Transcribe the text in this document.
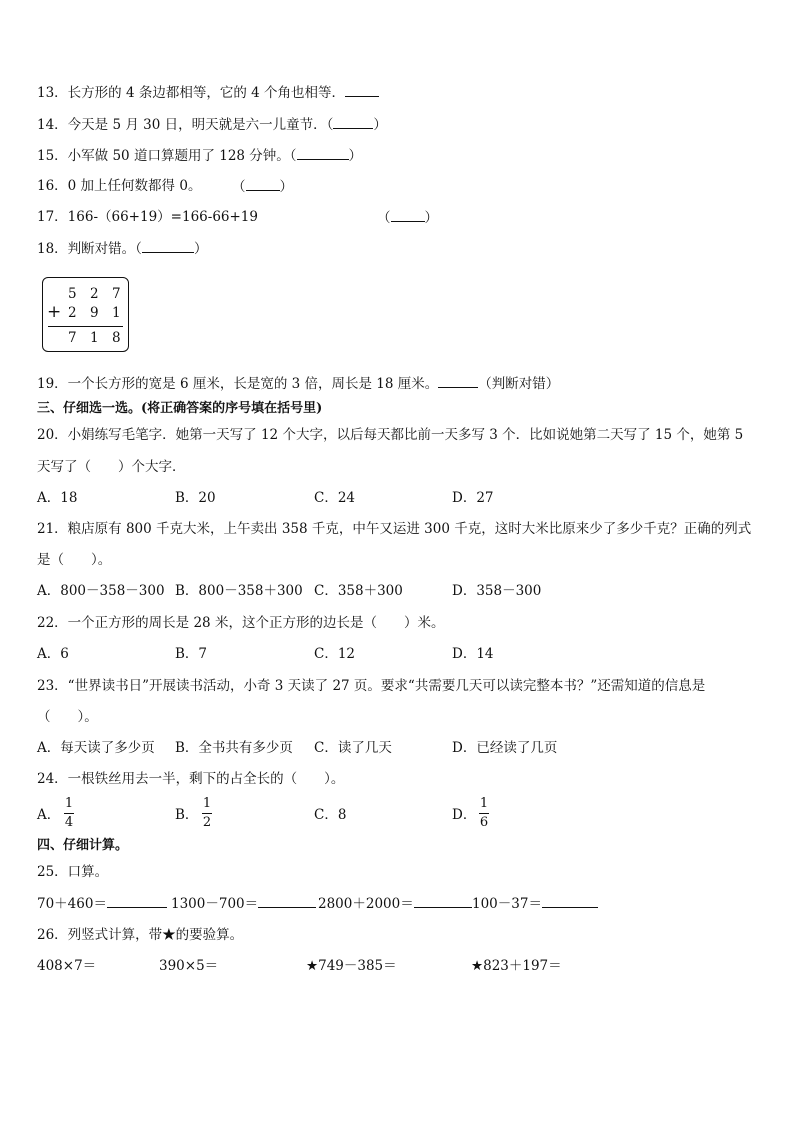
13．长方形的 4 条边都相等，它的 4 个角也相等．
14．今天是 5 月 30 日，明天就是六一儿童节．（	）
15．小军做 50 道口算题用了 128 分钟。（	）
16．0 加上任何数都得 0。 （	）
17．166-（66+19）=166-66+19	（	）
18．判断对错。（	）
5 2 7
+ 2 9 1
7 1 8
19．一个长方形的宽是 6 厘米，长是宽的 3 倍，周长是 18 厘米。	（判断对错）
三、仔细选一选。(将正确答案的序号填在括号里)
20．小娟练写毛笔字．她第一天写了 12 个大字，以后每天都比前一天多写 3 个．比如说她第二天写了 15 个，她第 5
天写了（　　）个大字．
A．18	B．20	C．24	D．27
21．粮店原有 800 千克大米，上午卖出 358 千克，中午又运进 300 千克，这时大米比原来少了多少千克？正确的列式
是（　　）。
A．800－358－300 B．800－358＋300 C．358＋300	D．358－300
22．一个正方形的周长是 28 米，这个正方形的边长是（　　）米。
A．6	B．7	C．12	D．14
23．“世界读书日”开展读书活动，小奇 3 天读了 27 页。要求“共需要几天可以读完整本书？”还需知道的信息是
（　　）。
A．每天读了多少页 B．全书共有多少页 C．读了几天	D．已经读了几页
24．一根铁丝用去一半，剩下的占全长的（　　）。
A．
1
4	B．
1
2	C．8	D．
1
6
四、仔细计算。
25．口算。
70＋460＝	1300－700＝	2800＋2000＝	100－37＝
26．列竖式计算，带★的要验算。
408×7＝	390×5＝	★749－385＝	★823＋197＝
